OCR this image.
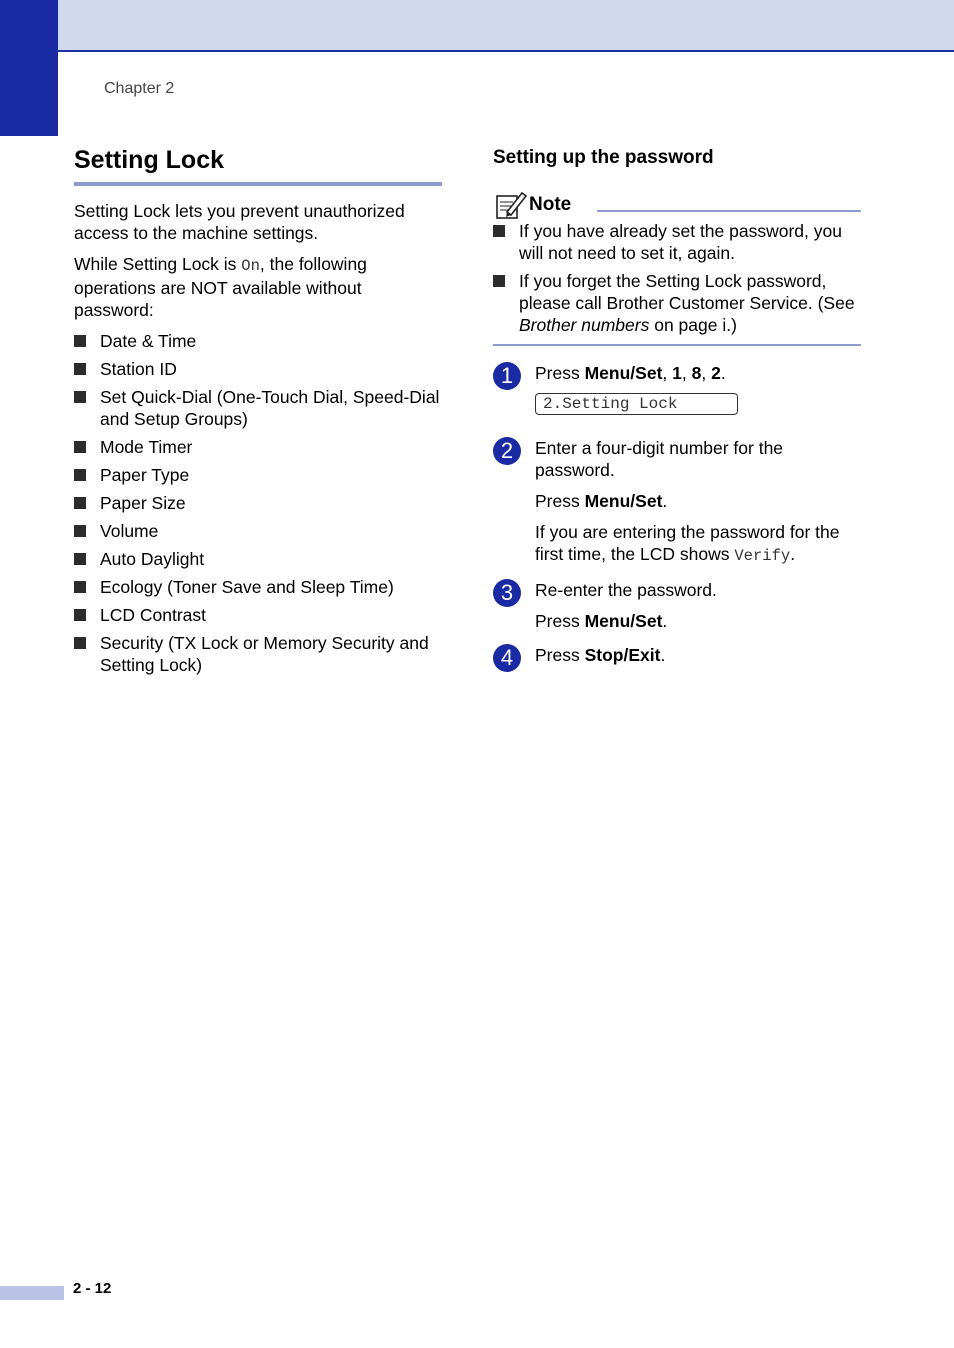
Chapter 2
Setting Lock

Setting Lock lets you prevent unauthorized access to the machine settings.

While Setting Lock is On, the following operations are NOT available without password:

Date & Time
Station ID
Set Quick-Dial (One-Touch Dial, Speed-Dial and Setup Groups)
Mode Timer
Paper Type
Paper Size
Volume
Auto Daylight
Ecology (Toner Save and Sleep Time)
LCD Contrast
Security (TX Lock or Memory Security and Setting Lock)
Setting up the password
Note
If you have already set the password, you will not need to set it, again.
If you forget the Setting Lock password, please call Brother Customer Service. (See Brother numbers on page i.)
1	Press Menu/Set, 1, 8, 2.

2.Setting Lock
2	Enter a four-digit number for the password.

Press Menu/Set.

If you are entering the password for the first time, the LCD shows Verify.

3	Re-enter the password.

Press Menu/Set.

4	Press Stop/Exit.

2 - 12
